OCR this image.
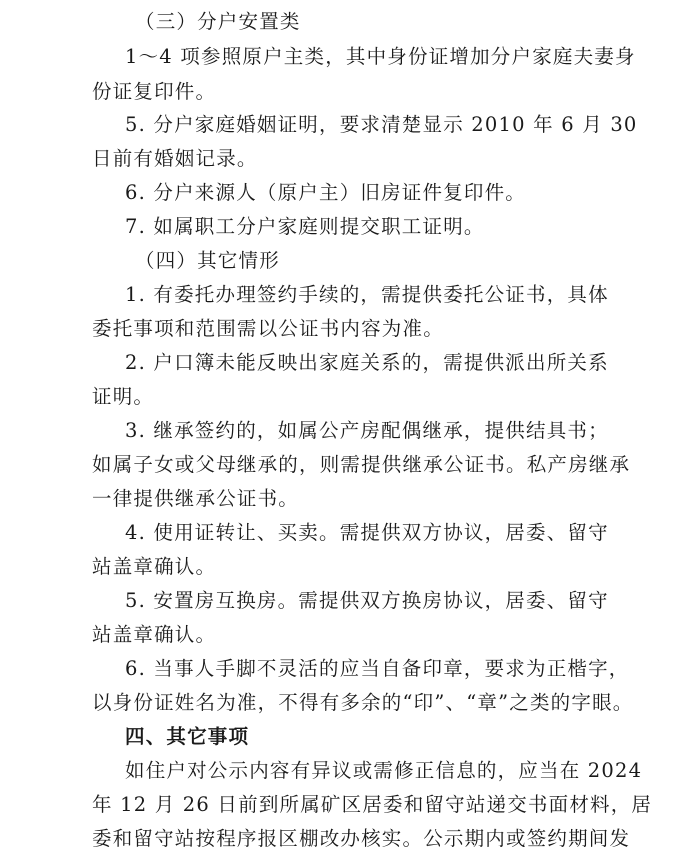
（三）分户安置类
1～4 项参照原户主类，其中身份证增加分户家庭夫妻身
份证复印件。
5. 分户家庭婚姻证明，要求清楚显示 2010 年 6 月 30
日前有婚姻记录。
6. 分户来源人（原户主）旧房证件复印件。
7. 如属职工分户家庭则提交职工证明。
（四）其它情形
1. 有委托办理签约手续的，需提供委托公证书，具体
委托事项和范围需以公证书内容为准。
2. 户口簿未能反映出家庭关系的，需提供派出所关系
证明。
3. 继承签约的，如属公产房配偶继承，提供结具书；
如属子女或父母继承的，则需提供继承公证书。私产房继承
一律提供继承公证书。
4. 使用证转让、买卖。需提供双方协议，居委、留守
站盖章确认。
5. 安置房互换房。需提供双方换房协议，居委、留守
站盖章确认。
6. 当事人手脚不灵活的应当自备印章，要求为正楷字，
以身份证姓名为准，不得有多余的“印”、“章”之类的字眼。
四、其它事项
如住户对公示内容有异议或需修正信息的，应当在 2024
年 12 月 26 日前到所属矿区居委和留守站递交书面材料，居
委和留守站按程序报区棚改办核实。公示期内或签约期间发
